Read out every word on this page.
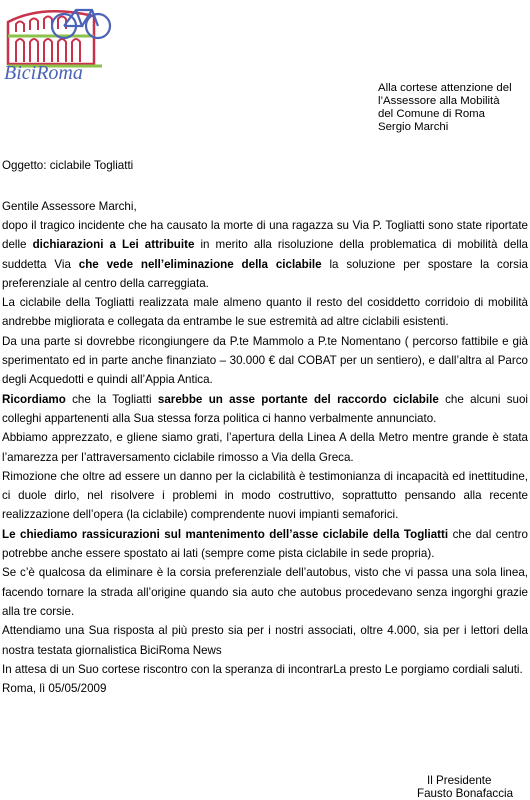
BiciRoma
Alla cortese attenzione del
l’Assessore alla Mobilità
del Comune di Roma
Sergio Marchi
Oggetto: ciclabile Togliatti
Gentile Assessore Marchi,

dopo il tragico incidente che ha causato la morte di una ragazza su Via P. Togliatti sono state riportate delle dichiarazioni a Lei attribuite in merito alla risoluzione della problematica di mobilità della suddetta Via che vede nell’eliminazione della ciclabile la soluzione per spostare la corsia preferenziale al centro della carreggiata.

La ciclabile della Togliatti realizzata male almeno quanto il resto del cosiddetto corridoio di mobilità andrebbe migliorata e collegata da entrambe le sue estremità ad altre ciclabili esistenti.

Da una parte si dovrebbe ricongiungere da P.te Mammolo a P.te Nomentano ( percorso fattibile e già sperimentato ed in parte anche finanziato – 30.000 € dal COBAT per un sentiero), e dall’altra al Parco degli Acquedotti e quindi all’Appia Antica.

Ricordiamo che la Togliatti sarebbe un asse portante del raccordo ciclabile che alcuni suoi colleghi appartenenti alla Sua stessa forza politica ci hanno verbalmente annunciato.

Abbiamo apprezzato, e gliene siamo grati, l’apertura della Linea A della Metro mentre grande è stata l’amarezza per l’attraversamento ciclabile rimosso a Via della Greca.

Rimozione che oltre ad essere un danno per la ciclabilità è testimonianza di incapacità ed inettitudine, ci duole dirlo, nel risolvere i problemi in modo costruttivo, soprattutto pensando alla recente realizzazione dell’opera (la ciclabile) comprendente nuovi impianti semaforici.

Le chiediamo rassicurazioni sul mantenimento dell’asse ciclabile della Togliatti che dal centro potrebbe anche essere spostato ai lati (sempre come pista ciclabile in sede propria).

Se c’è qualcosa da eliminare è la corsia preferenziale dell’autobus, visto che vi passa una sola linea, facendo tornare la strada all’origine quando sia auto che autobus procedevano senza ingorghi grazie alla tre corsie.

Attendiamo una Sua risposta al più presto sia per i nostri associati, oltre 4.000, sia per i lettori della nostra testata giornalistica BiciRoma News

In attesa di un Suo cortese riscontro con la speranza di incontrarLa presto Le porgiamo cordiali saluti.

Roma, lì 05/05/2009

Il Presidente
Fausto Bonafaccia
